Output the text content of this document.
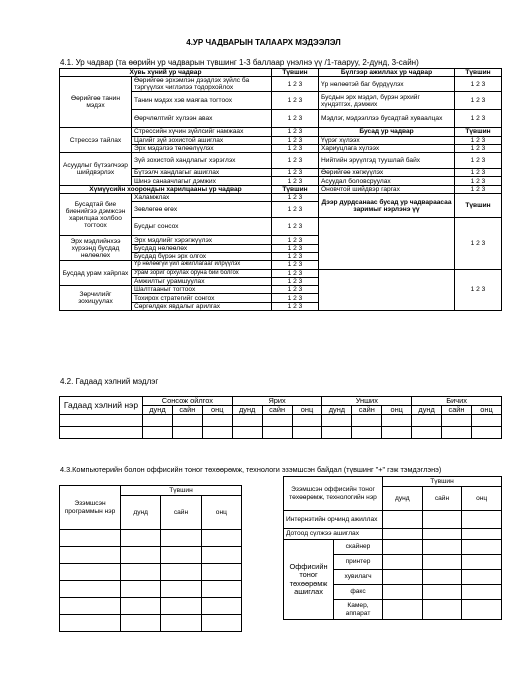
4.УР ЧАДВАРЫН ТАЛААРХ МЭДЭЭЛЭЛ
4.1. Ур чадвар (та өөрийн ур чадварын түвшинг 1-3 баллаар үнэлнэ үү /1-тааруу, 2-дунд, 3-сайн)
Хувь хүний ур чадвар		Түвшин	Бүлгээр ажиллах ур чадвар	Түвшин
Өөрийгөө танин мэдэх	Өөрийгөө эрхэмлэн дээдлэх зүйлс ба тэргүүлэх чиглэлээ тодорхойлох	1 2 3	Үр нөлөөтэй баг бүрдүүлэх	1 2 3
	Танин мэдэх хэв маягаа тогтоох	1 2 3	Бусдын эрх мэдэл, бүрэн эрхийг хүндэтгэх, дэмжих	1 2 3
	Өөрчлөлтийг хүлээн авах	1 2 3	Мэдлэг, мэдээллээ бусадтай хуваалцах	1 2 3
Стрессээ тайлах	Стрессийн хүчин зүйлсийг намжаах	1 2 3	Бусад ур чадвар	Түвшин
	Цагийг зүй зохистой ашиглах	1 2 3	Үүрэг хүлээх	1 2 3
	Эрх мэдэлээ төлөөлүүлэх	1 2 3	Хариуцлага хүлээх	1 2 3
Асуудлыг бүтээлчээр шийдвэрлэх	Зүй зохистой хандлагыг хэрэглэх	1 2 3	Нийтийн эрүүлгэд туушлай байх	1 2 3
	Бүтээлч хандлагыг ашиглах	1 2 3	Өөрийгөө хөгжүүлэх	1 2 3
	Шинэ санаачлагыг дэмжих	1 2 3	Асуудал боловсруулах	1 2 3
Хүмүүсийн хоорондын харилцааны ур чадвар		Түвшин	Оновчтой шийдвэр гаргах	1 2 3
Бусадтай бие биенийгээ дэмжсэн харилцаа холбоо тогтоох	Халамжлах	1 2 3	Дээр дурдсанаас бусад ур чадвараасаа заримыг нэрлэнэ үү	Түвшин
	Зөвлөгөө өгөх	1 2 3		
	Бусдыг сонсох	1 2 3		1 2 3
Эрх мэдлийнхээ хүрээнд бусдад нөлөөлөх	Эрх мэдлийг хэрэгжүүлэх	1 2 3		
	Бусдад нөлөөлөх	1 2 3		
	Бусдад бүрэн эрх олгох	1 2 3		
Бусдад урам хайрлах	Үр нөлөөгүй үйл ажиллагааг илрүүлэх	1 2 3		
	Урам зориг орхулах оруна бий болгох	1 2 3		1 2 3
	Амжилтыг урамшуулах	1 2 3		
Зөрчилийг зохицуулах	Шалтгааныг тогтоох	1 2 3		
	Тохирох стратегийг сонгох	1 2 3		
	Сөргөлдөх явдалыг арилгах	1 2 3		
4.2. Гадаад хэлний мэдлэг
Гадаад хэлний нэр	Сонсож ойлгох			Ярих			Унших			Бичих		
	дунд	сайн	онц	дунд	сайн	онц	дунд	сайн	онц	дунд	сайн	онц

4.3.Компьютерийн болон оффисийн тоног төхөөрөмж, технологи эзэмшсэн байдал (түвшинг "+" гэж тэмдэглэнэ)
Эзэмшсэн программын нэр	Түвшин		
	дунд	сайн	онц

Эзэмшсэн оффисийн тоног төхөөрөмж, технологийн нэр		Түвшин		
		дунд	сайн	онц
Интернэтийн орчинд ажиллах				
Дотоод сүлжээ ашиглах				
Оффисийн тоног төхөөрөмж ашиглах	скайнер			
	принтер			
	хувилагч			
	факс			
	Камер, аппарат			
